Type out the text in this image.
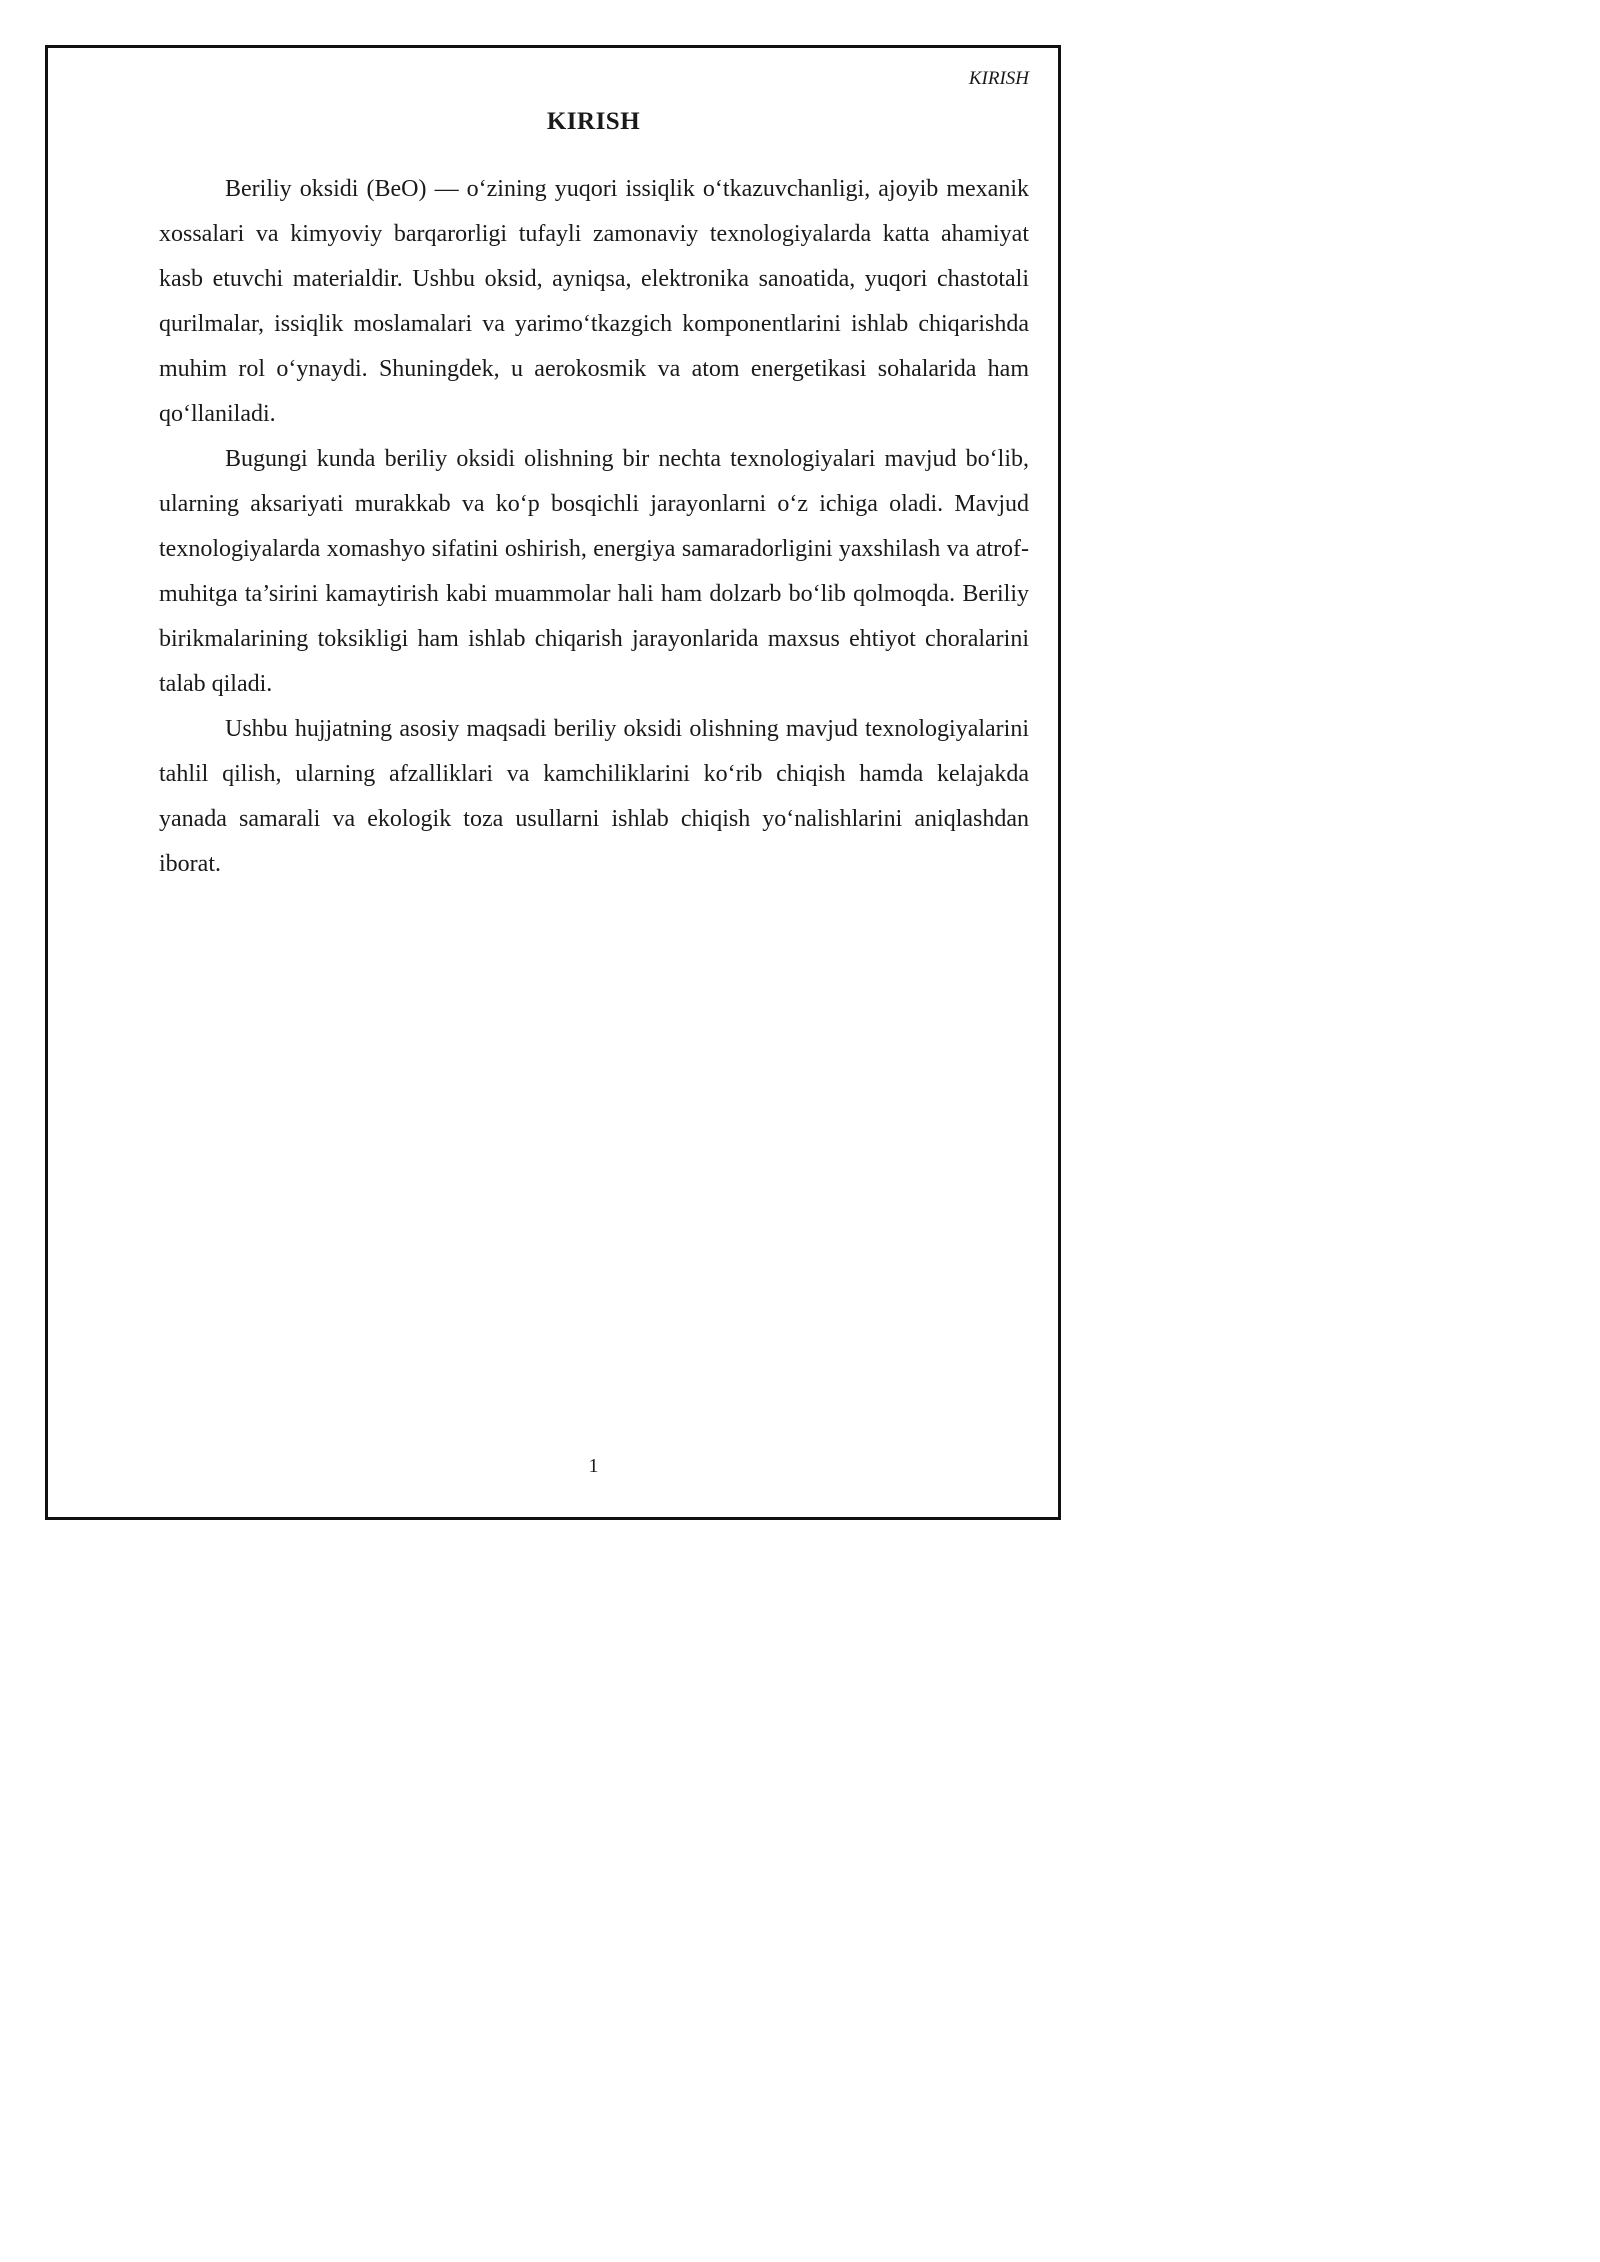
KIRISH
KIRISH

Beriliy oksidi (BeO) — o‘zining yuqori issiqlik o‘tkazuvchanligi, ajoyib mexanik xossalari va kimyoviy barqarorligi tufayli zamonaviy texnologiyalarda katta ahamiyat kasb etuvchi materialdir. Ushbu oksid, ayniqsa, elektronika sanoatida, yuqori chastotali qurilmalar, issiqlik moslamalari va yarimo‘tkazgich komponentlarini ishlab chiqarishda muhim rol o‘ynaydi. Shuningdek, u aerokosmik va atom energetikasi sohalarida ham qo‘llaniladi.

Bugungi kunda beriliy oksidi olishning bir nechta texnologiyalari mavjud bo‘lib, ularning aksariyati murakkab va ko‘p bosqichli jarayonlarni o‘z ichiga oladi. Mavjud texnologiyalarda xomashyo sifatini oshirish, energiya samaradorligini yaxshilash va atrof-muhitga ta’sirini kamaytirish kabi muammolar hali ham dolzarb bo‘lib qolmoqda. Beriliy birikmalarining toksikligi ham ishlab chiqarish jarayonlarida maxsus ehtiyot choralarini talab qiladi.

Ushbu hujjatning asosiy maqsadi beriliy oksidi olishning mavjud texnologiyalarini tahlil qilish, ularning afzalliklari va kamchiliklarini ko‘rib chiqish hamda kelajakda yanada samarali va ekologik toza usullarni ishlab chiqish yo‘nalishlarini aniqlashdan iborat.

1
